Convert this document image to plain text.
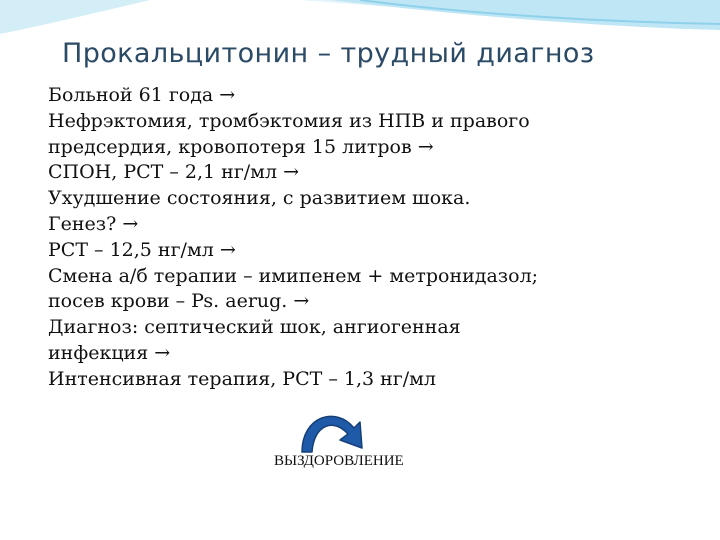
Прокальцитонин – трудный диагноз
Больной 61 года →
Нефрэктомия, тромбэктомия из НПВ и правого
предсердия, кровопотеря 15 литров →
СПОН, PCT – 2,1 нг/мл →
Ухудшение состояния, с развитием шока.
Генез? →
PCT – 12,5 нг/мл →
Смена а/б терапии – имипенем + метронидазол;
посев крови – Ps. aerug. →
Диагноз: септический шок, ангиогенная
инфекция →
Интенсивная терапия, PCT – 1,3 нг/мл
ВЫЗДОРОВЛЕНИЕ
